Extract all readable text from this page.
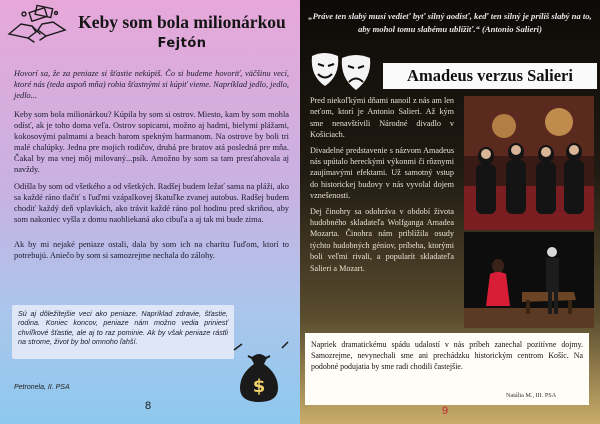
Keby som bola milionárkou
Fejtón

Hovorí sa, že za peniaze si šťastie nekúpiš. Čo si budeme hovoriť, väčšinu vecí, ktoré nás (teda aspoň mňa) robia šťastnými si kúpiť vieme. Napríklad jedlo, jedlo, jedlo...

Keby som bola milionárkou? Kúpila by som si ostrov. Miesto, kam by som mohla odísť, ak je toho doma veľa. Ostrov sopicami, možno aj hadmi, bielymi plážami, kokosovými palmami a beach barom spekným barmanom. Na ostrove by boli tri malé chalúpky. Jedna pre mojich rodičov, druhá pre bratov atá posledná pre mňa. Čakal by ma vnej môj milovaný...psík. Amožno by som sa tam presťahovala aj navždy.

Odišla by som od všetkého a od všetkých. Radšej budem ležať sama na pláži, ako sa každé ráno tlačiť s ľuďmi vzápalkovej škatuľke zvanej autobus. Radšej budem chodiť každý deň vplavkách, ako trávit každé ráno pol hodinu pred skriňou, aby som nakoniec vyšla z domu naobliekaná ako cibuľa a aj tak mi bude zima.

Ak by mi nejaké peniaze ostali, dala by som ich na charitu ľuďom, ktorí to potrebujú. Aniečo by som si samozrejme nechala do zálohy.

Sú aj dôležitejšie veci ako peniaze. Napríklad zdravie, šťastie, rodina. Koniec koncov, peniaze nám možno vedia priniesť chvíľkové šťastie, ale aj to raz pominie. Ak by však peniaze rástli na strome, život by bol omnoho ľahší.

$
Petronela, II. PSA
8
„Práve ten slabý musí vedieť byť silný aodísť, keď ten silný je príliš slabý na to, aby mohol tomu slabému ublížiť.“ (Antonio Salieri)
Amadeus verzus Salieri

Pred niekoľkými dňami nanoil z nás am len neťom, ktorí je Antonio Salieri. Až kým sme nenavštívili Národné divadlo v Košiciach.

Divadelné predstavenie s názvom Amadeus nás upútalo hereckými výkonmi či rôznymi zaujímavými efektami. Už samotný vstup do historickej budovy v nás vyvolal dojem vznešenosti.

Dej činohry sa odohráva v období života hudobného skladateľa Wolfganga Amadea Mozarta. Činohra nám priblížila osudy týchto hudobných géniov, príbeha, ktorými boli veľmi rivali, a popularít skladateľa Salieri a Mozart.

Napriek dramatickému spádu udalostí v nás príbeh zanechal pozitívne dojmy. Samozrejme, nevynechali sme ani prechádzku historickým centrom Košíc. Na podobné podujatia by sme radi chodili častejšie.

Natália M., III. PSA
9
